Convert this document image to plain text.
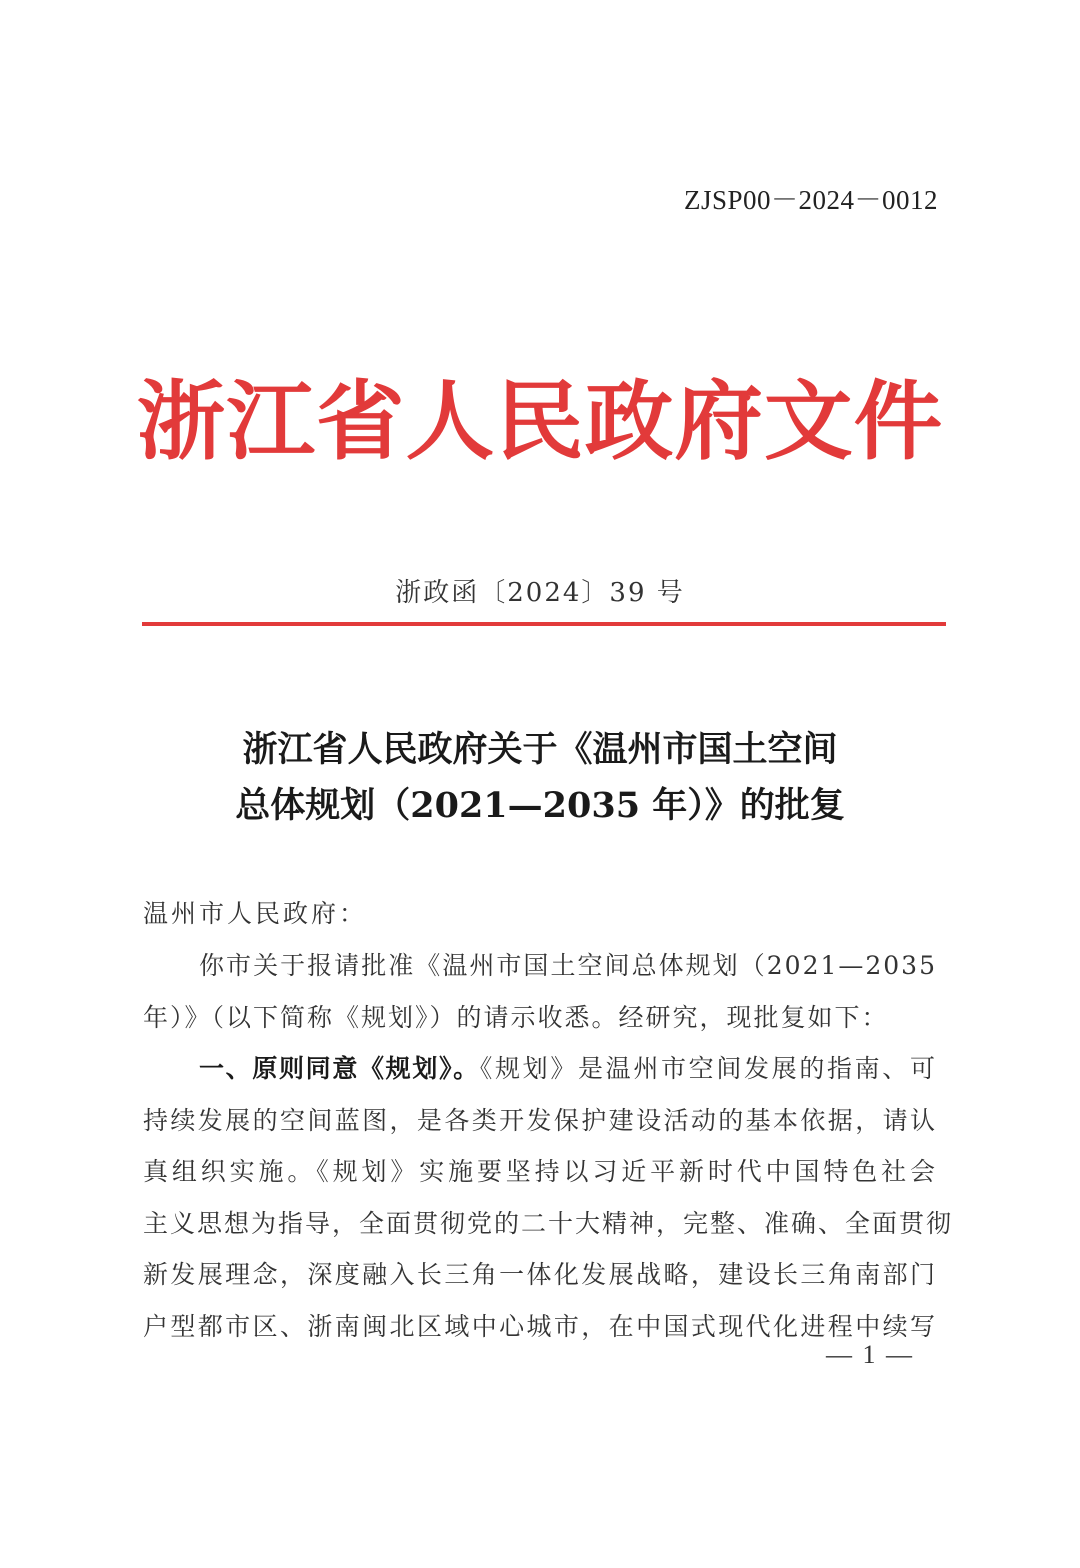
ZJSP00－2024－0012
浙江省人民政府文件
浙政函〔2024〕39 号
浙江省人民政府关于《温州市国土空间
总体规划（2021—2035 年）》的批复
温州市人民政府：
你市关于报请批准《温州市国土空间总体规划（2021—2035
年）》（以下简称《规划》）的请示收悉。经研究，现批复如下：
一、原则同意《规划》。《规划》是温州市空间发展的指南、可
持续发展的空间蓝图，是各类开发保护建设活动的基本依据，请认
真组织实施。《规划》实施要坚持以习近平新时代中国特色社会
主义思想为指导，全面贯彻党的二十大精神，完整、准确、全面贯彻
新发展理念，深度融入长三角一体化发展战略，建设长三角南部门
户型都市区、浙南闽北区域中心城市，在中国式现代化进程中续写
— 1 —
